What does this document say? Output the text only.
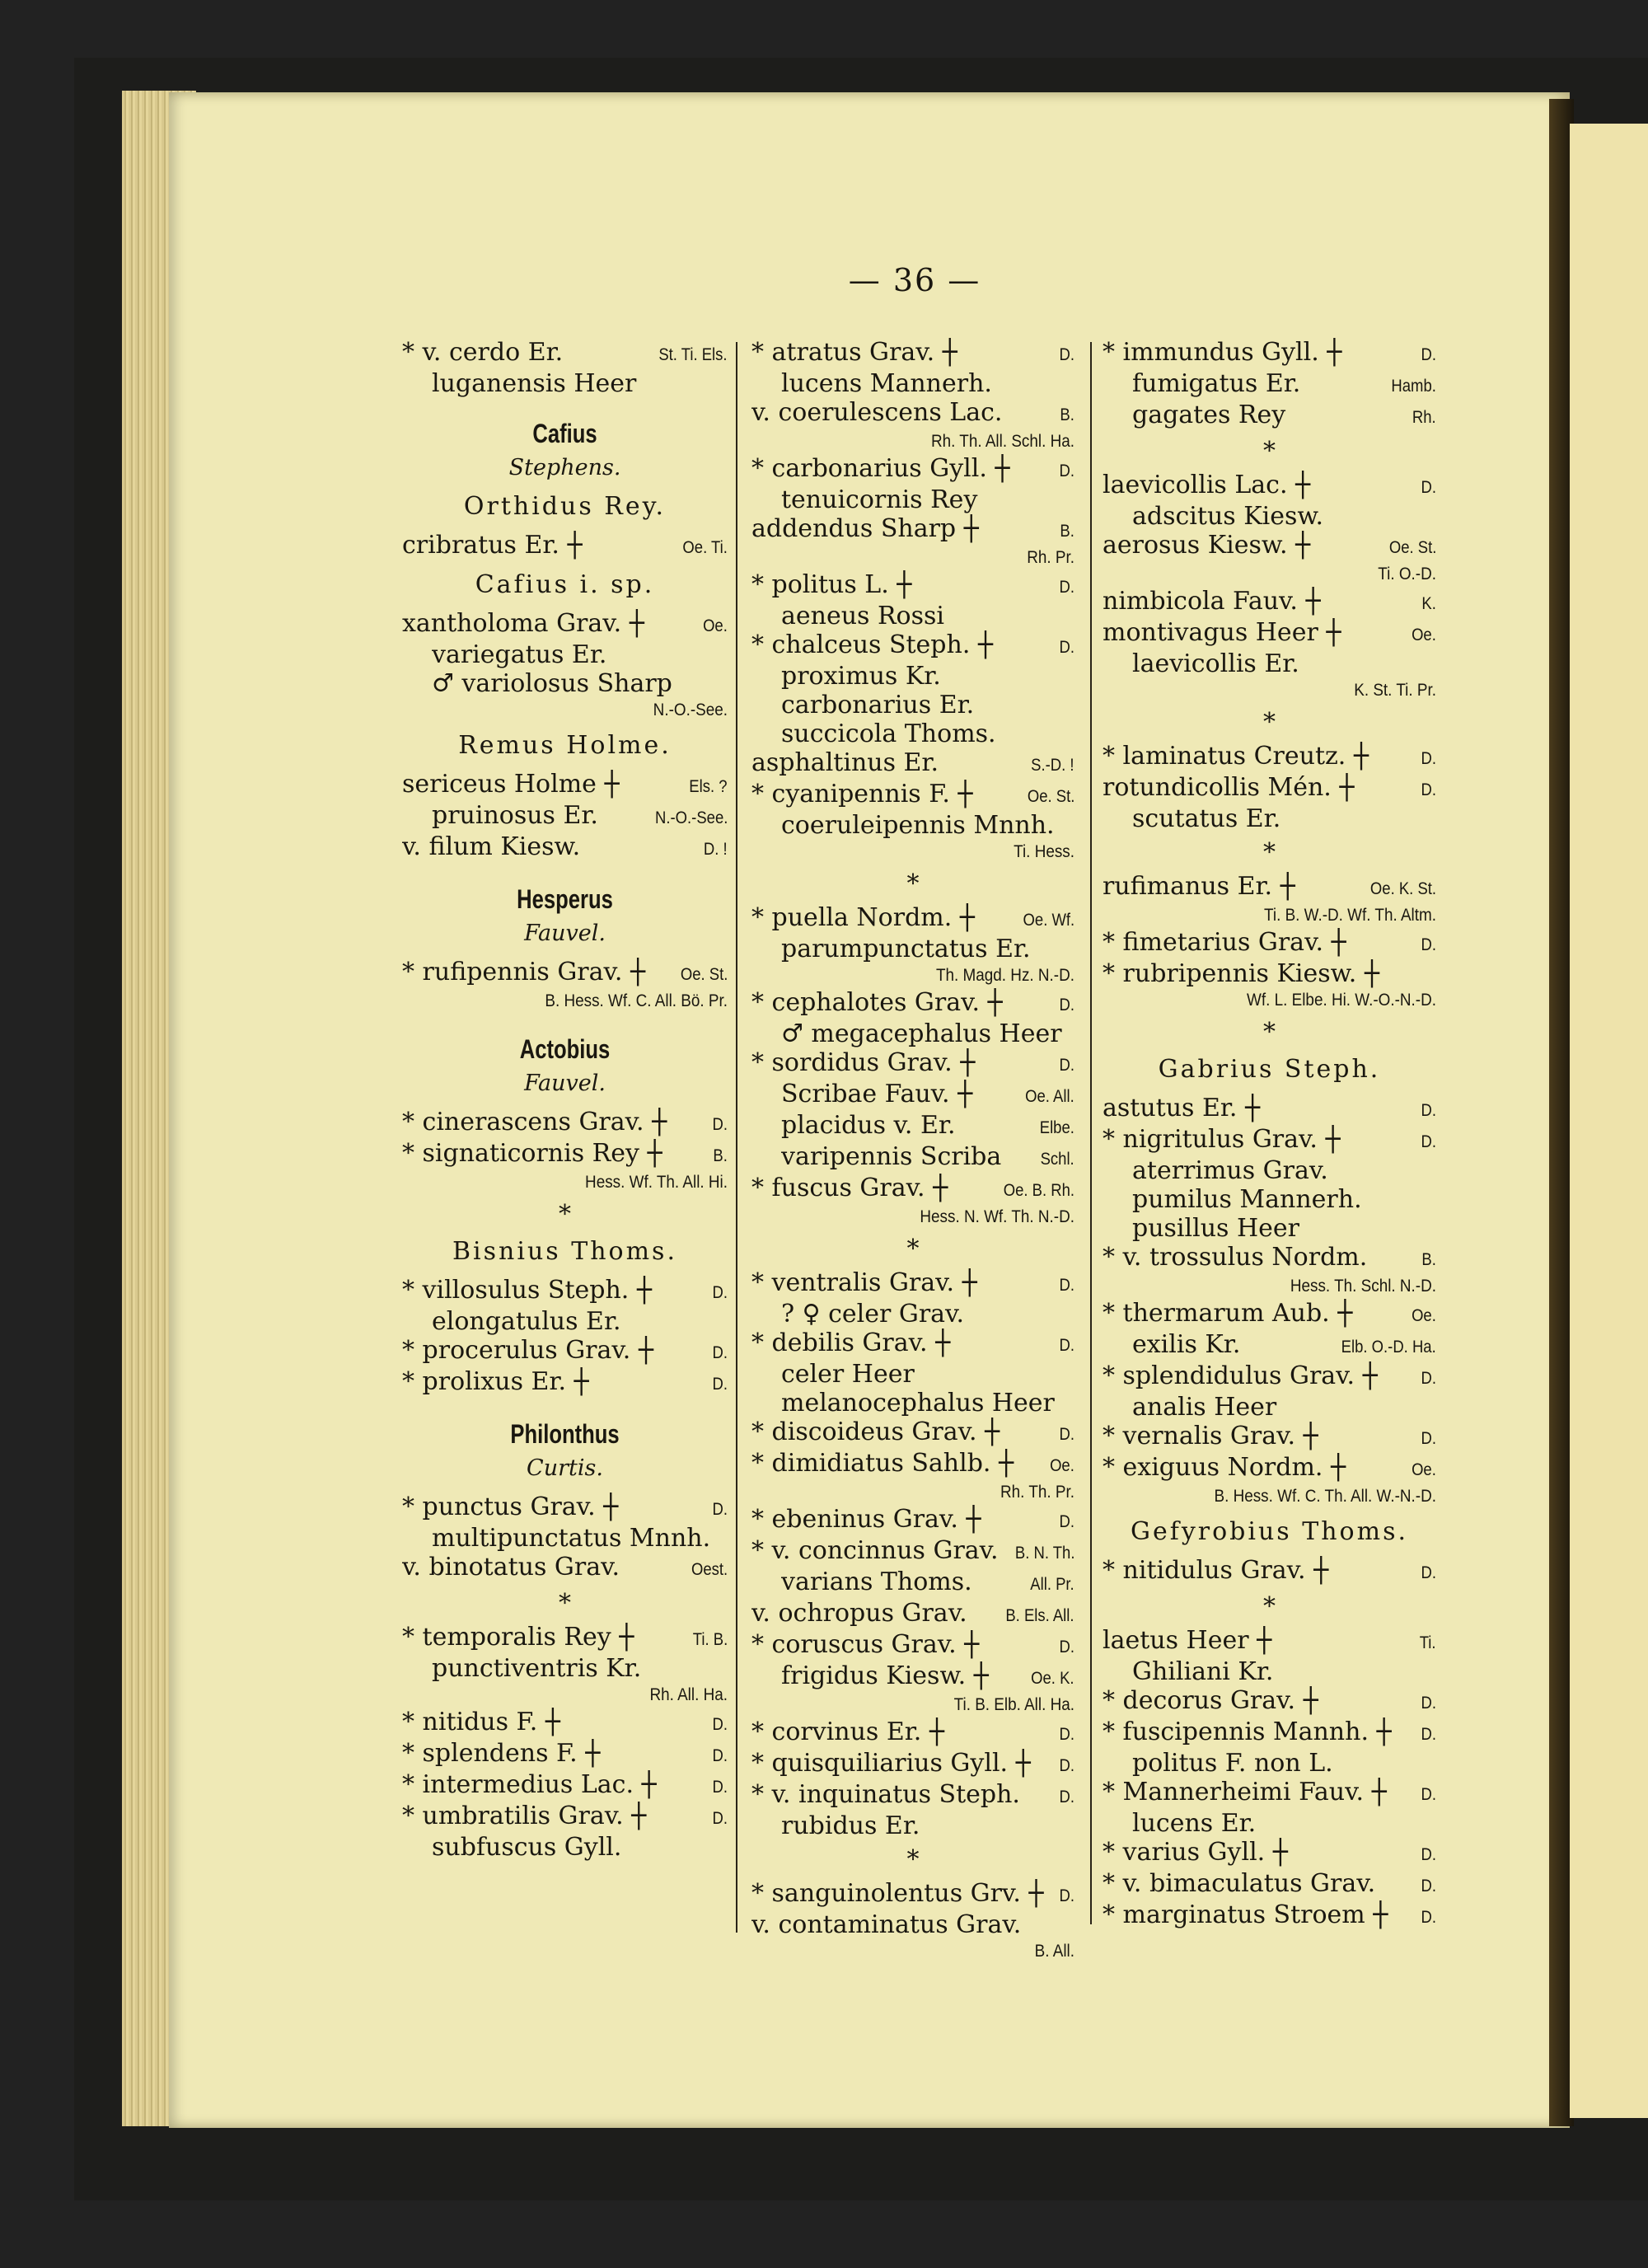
— 36 —
* v. cerdo Er.	St. Ti. Els.
luganensis Heer
Cafius
Stephens.
Orthidus Rey.
cribratus Er. ┼	Oe. Ti.
Cafius i. sp.
xantholoma Grav. ┼	Oe.
variegatus Er.
♂ variolosus Sharp
N.-O.-See.
Remus Holme.
sericeus Holme ┼	Els. ?
pruinosus Er.	N.-O.-See.
v. filum Kiesw.	D. !
Hesperus
Fauvel.
* rufipennis Grav. ┼	Oe. St.
B. Hess. Wf. C. All. Bö. Pr.
Actobius
Fauvel.
* cinerascens Grav. ┼	D.
* signaticornis Rey ┼	B.
Hess. Wf. Th. All. Hi.
*
Bisnius Thoms.
* villosulus Steph. ┼	D.
elongatulus Er.
* procerulus Grav. ┼	D.
* prolixus Er. ┼	D.
Philonthus
Curtis.
* punctus Grav. ┼	D.
multipunctatus Mnnh.
v. binotatus Grav.	Oest.
*
* temporalis Rey ┼	Ti. B.
punctiventris Kr.
Rh. All. Ha.
* nitidus F. ┼	D.
* splendens F. ┼	D.
* intermedius Lac. ┼	D.
* umbratilis Grav. ┼	D.
subfuscus Gyll.
* atratus Grav. ┼	D.
lucens Mannerh.
v. coerulescens Lac.	B.
Rh. Th. All. Schl. Ha.
* carbonarius Gyll. ┼	D.
tenuicornis Rey
addendus Sharp ┼	B.
Rh. Pr.
* politus L. ┼	D.
aeneus Rossi
* chalceus Steph. ┼	D.
proximus Kr.
carbonarius Er.
succicola Thoms.
asphaltinus Er.	S.-D. !
* cyanipennis F. ┼	Oe. St.
coeruleipennis Mnnh.
Ti. Hess.
*
* puella Nordm. ┼	Oe. Wf.
parumpunctatus Er.
Th. Magd. Hz. N.-D.
* cephalotes Grav. ┼	D.
♂ megacephalus Heer
* sordidus Grav. ┼	D.
Scribae Fauv. ┼	Oe. All.
placidus v. Er.	Elbe.
varipennis Scriba	Schl.
* fuscus Grav. ┼	Oe. B. Rh.
Hess. N. Wf. Th. N.-D.
*
* ventralis Grav. ┼	D.
? ♀ celer Grav.
* debilis Grav. ┼	D.
celer Heer
melanocephalus Heer
* discoideus Grav. ┼	D.
* dimidiatus Sahlb. ┼	Oe.
Rh. Th. Pr.
* ebeninus Grav. ┼	D.
* v. concinnus Grav. B. N. Th.
varians Thoms.	All. Pr.
v. ochropus Grav.	B. Els. All.
* coruscus Grav. ┼	D.
frigidus Kiesw. ┼	Oe. K.
Ti. B. Elb. All. Ha.
* corvinus Er. ┼	D.
* quisquiliarius Gyll. ┼	D.
* v. inquinatus Steph.	D.
rubidus Er.
*
* sanguinolentus Grv. ┼ D.
v. contaminatus Grav.
B. All.
* immundus Gyll. ┼	D.
fumigatus Er.	Hamb.
gagates Rey	Rh.
*
laevicollis Lac. ┼	D.
adscitus Kiesw.
aerosus Kiesw. ┼	Oe. St.
Ti. O.-D.
nimbicola Fauv. ┼	K.
montivagus Heer ┼	Oe.
laevicollis Er.
K. St. Ti. Pr.
*
* laminatus Creutz. ┼	D.
rotundicollis Mén. ┼	D.
scutatus Er.
*
rufimanus Er. ┼	Oe. K. St.
Ti. B. W.-D. Wf. Th. Altm.
* fimetarius Grav. ┼	D.
* rubripennis Kiesw. ┼
Wf. L. Elbe. Hi. W.-O.-N.-D.
*
Gabrius Steph.
astutus Er. ┼	D.
* nigritulus Grav. ┼	D.
aterrimus Grav.
pumilus Mannerh.
pusillus Heer
* v. trossulus Nordm.	B.
Hess. Th. Schl. N.-D.
* thermarum Aub. ┼	Oe.
exilis Kr.	Elb. O.-D. Ha.
* splendidulus Grav. ┼	D.
analis Heer
* vernalis Grav. ┼	D.
* exiguus Nordm. ┼	Oe.
B. Hess. Wf. C. Th. All. W.-N.-D.
Gefyrobius Thoms.
* nitidulus Grav. ┼	D.
*
laetus Heer ┼	Ti.
Ghiliani Kr.
* decorus Grav. ┼	D.
* fuscipennis Mannh. ┼	D.
politus F. non L.
* Mannerheimi Fauv. ┼	D.
lucens Er.
* varius Gyll. ┼	D.
* v. bimaculatus Grav.	D.
* marginatus Stroem ┼	D.
